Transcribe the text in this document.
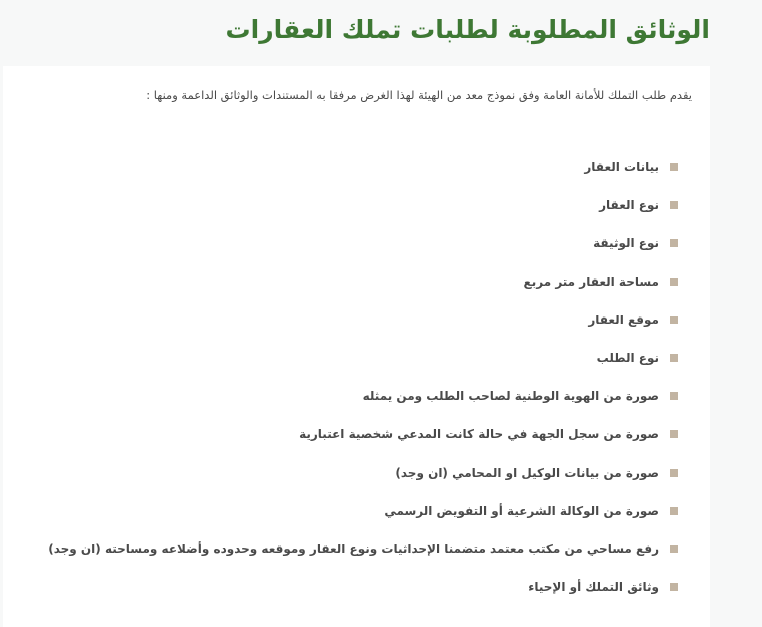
الوثائق المطلوبة لطلبات تملك العقارات

يقدم طلب التملك للأمانة العامة وفق نموذج معد من الهيئة لهذا الغرض مرفقا به المستندات والوثائق الداعمة ومنها :

بيانات العقار
نوع العقار
نوع الوثيقة
مساحة العقار متر مربع
موقع العقار
نوع الطلب
صورة من الهوية الوطنية لصاحب الطلب ومن يمثله
صورة من سجل الجهة في حالة كانت المدعي شخصية اعتبارية
صورة من بيانات الوكيل او المحامي (ان وجد)
صورة من الوكالة الشرعية أو التفويض الرسمي
رفع مساحي من مكتب معتمد متضمنا الإحداثيات ونوع العقار وموقعه وحدوده وأضلاعه ومساحته (ان وجد)
وثائق التملك أو الإحياء
